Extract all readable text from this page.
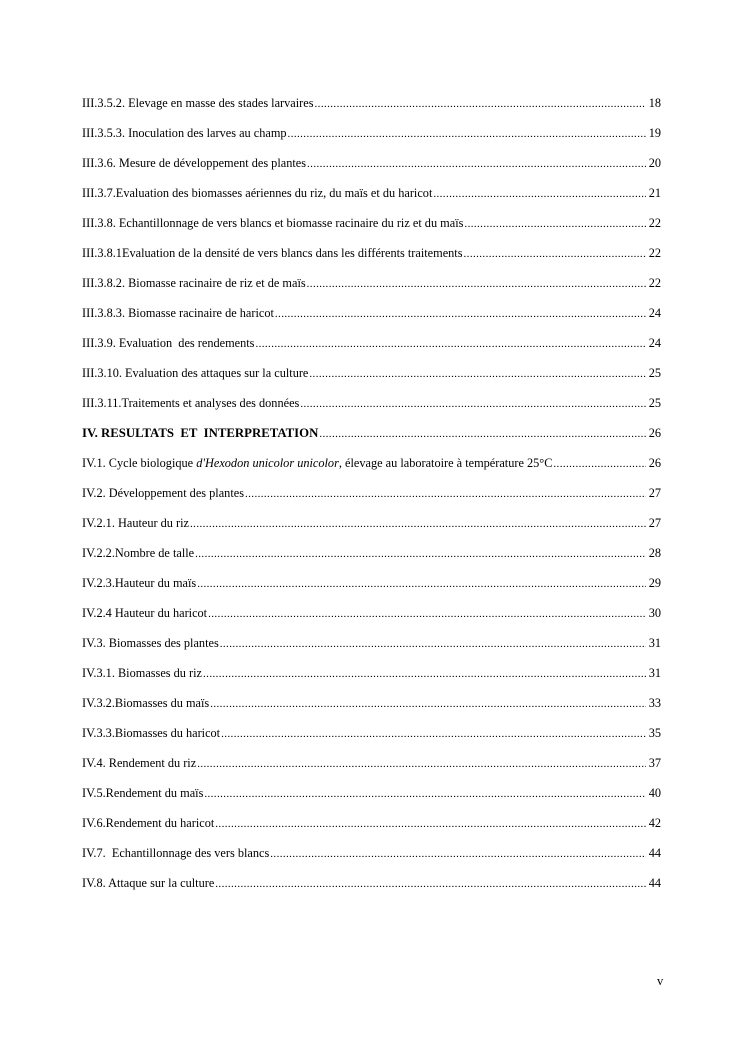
III.3.5.2. Elevage en masse des stades larvaires .....	18
III.3.5.3. Inoculation des larves au champ .....	19
III.3.6. Mesure de développement des plantes .....	20
III.3.7.Evaluation des biomasses aériennes du riz, du maïs et du haricot .....	21
III.3.8. Echantillonnage de vers blancs et biomasse racinaire du riz et du maïs .....	22
III.3.8.1Evaluation de la densité de vers blancs dans les différents traitements .....	22
III.3.8.2. Biomasse racinaire de riz et de maïs .....	22
III.3.8.3. Biomasse racinaire de haricot .....	24
III.3.9. Evaluation  des rendements .....	24
III.3.10. Evaluation des attaques sur la culture .....	25
III.3.11.Traitements et analyses des données .....	25
IV. RESULTATS  ET  INTERPRETATION .....	26
IV.1. Cycle biologique d'Hexodon unicolor unicolor, élevage au laboratoire à température 25°C .....	26
IV.2. Développement des plantes .....	27
IV.2.1. Hauteur du riz .....	27
IV.2.2.Nombre de talle .....	28
IV.2.3.Hauteur du maïs .....	29
IV.2.4 Hauteur du haricot .....	30
IV.3. Biomasses des plantes .....	31
IV.3.1. Biomasses du riz .....	31
IV.3.2.Biomasses du maïs .....	33
IV.3.3.Biomasses du haricot .....	35
IV.4. Rendement du riz .....	37
IV.5.Rendement du maïs .....	40
IV.6.Rendement du haricot .....	42
IV.7.  Echantillonnage des vers blancs .....	44
IV.8. Attaque sur la culture .....	44
v
